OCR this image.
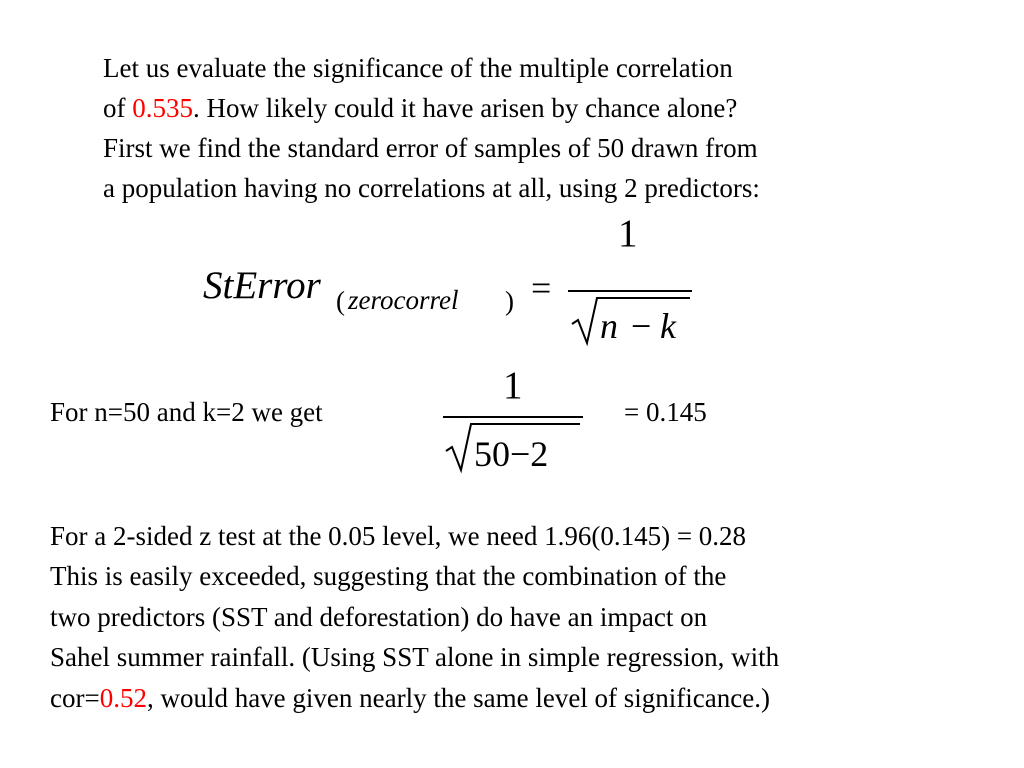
Let us evaluate the significance of the multiple correlation
of 0.535. How likely could it have arisen by chance alone?
First we find the standard error of samples of 50 drawn from
a population having no correlations at all, using 2 predictors:
StError ( zerocorrel ) =
1
n − k
For n=50 and k=2 we get
1
50−2
= 0.145
For a 2-sided z test at the 0.05 level, we need 1.96(0.145) = 0.28
This is easily exceeded, suggesting that the combination of the
two predictors (SST and deforestation) do have an impact on
Sahel summer rainfall. (Using SST alone in simple regression, with
cor=0.52, would have given nearly the same level of significance.)
